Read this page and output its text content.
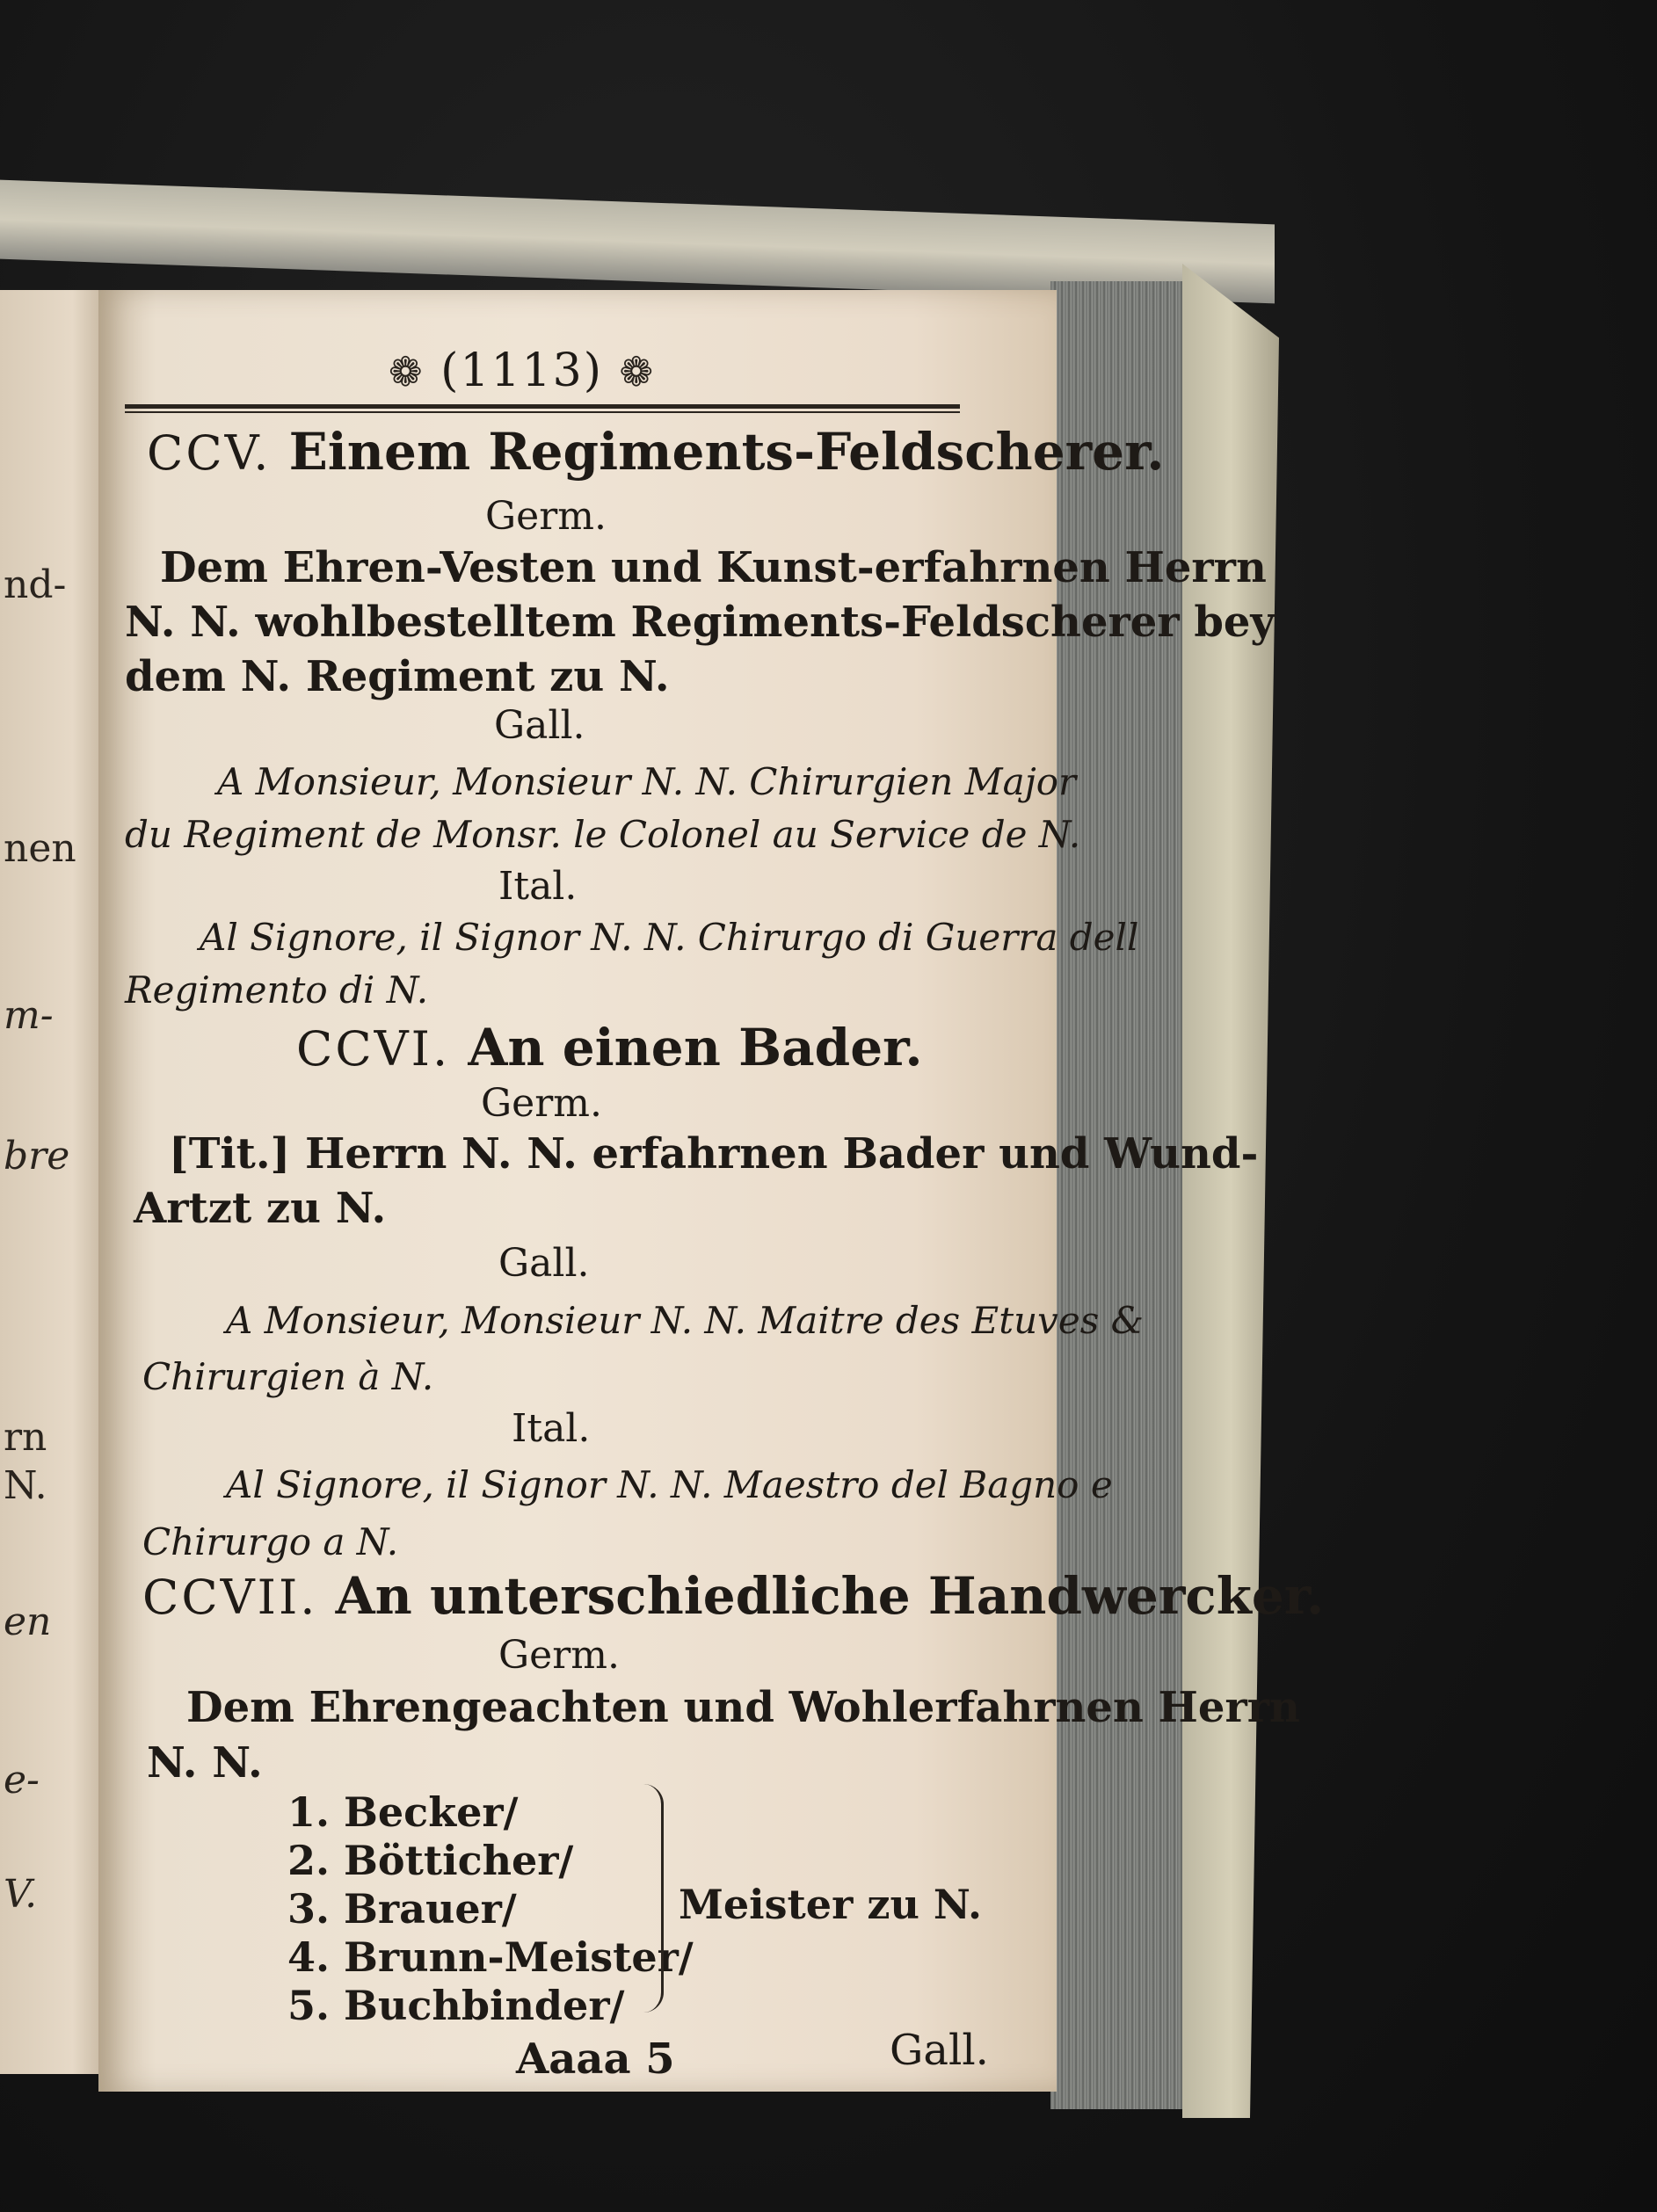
nd-
nen
m-
bre
rn
N.
en
e-
V.
❁ (1113) ❁
CCV. Einem Regiments-Feldscherer.
Germ.
Dem Ehren-Vesten und Kunst-erfahrnen Herrn
N. N. wohlbestelltem Regiments-Feldscherer bey
dem N. Regiment zu N.
Gall.
A Monsieur, Monsieur N. N. Chirurgien Major
du Regiment de Monsr. le Colonel au Service de N.
Ital.
Al Signore, il Signor N. N. Chirurgo di Guerra dell
Regimento di N.
CCVI. An einen Bader.
Germ.
[Tit.] Herrn N. N. erfahrnen Bader und Wund-
Artzt zu N.
Gall.
A Monsieur, Monsieur N. N. Maitre des Etuves &
Chirurgien à N.
Ital.
Al Signore, il Signor N. N. Maestro del Bagno e
Chirurgo a N.
CCVII. An unterschiedliche Handwercker.
Germ.
Dem Ehrengeachten und Wohlerfahrnen Herrn
N. N.
1. Becker/
2. Bötticher/
3. Brauer/
4. Brunn-Meister/
5. Buchbinder/
Meister zu N.
Aaaa 5	Gall.
